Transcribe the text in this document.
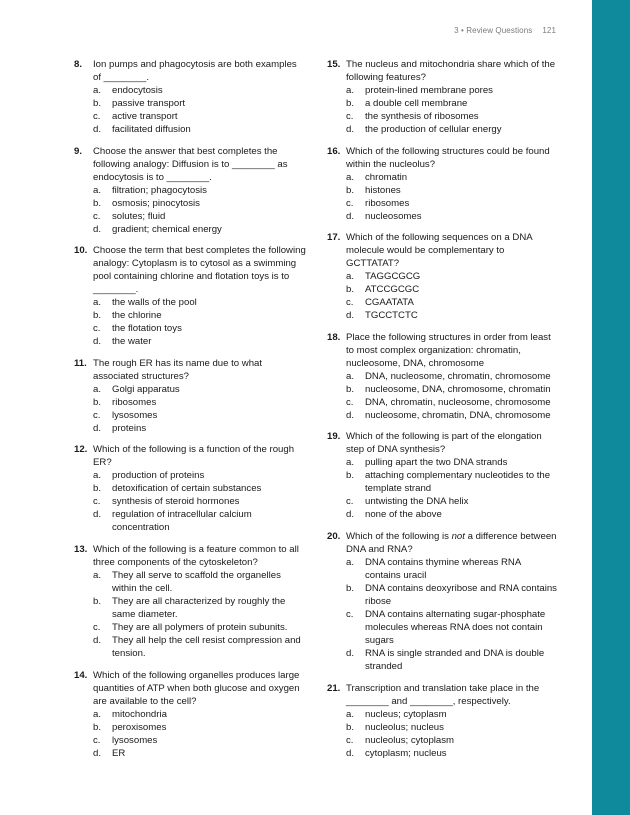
3 • Review Questions 121
8.	Ion pumps and phagocytosis are both examples of ________.
a.	endocytosis
b.	passive transport
c.	active transport
d.	facilitated diffusion
9.	Choose the answer that best completes the following analogy: Diffusion is to ________ as endocytosis is to ________.
a.	filtration; phagocytosis
b.	osmosis; pinocytosis
c.	solutes; fluid
d.	gradient; chemical energy
10. Choose the term that best completes the following analogy: Cytoplasm is to cytosol as a swimming pool containing chlorine and flotation toys is to ________.
a.	the walls of the pool
b.	the chlorine
c.	the flotation toys
d.	the water
11. The rough ER has its name due to what associated structures?
a.	Golgi apparatus
b.	ribosomes
c.	lysosomes
d.	proteins
12. Which of the following is a function of the rough ER?
a.	production of proteins
b.	detoxification of certain substances
c.	synthesis of steroid hormones
d.	regulation of intracellular calcium concentration
13. Which of the following is a feature common to all three components of the cytoskeleton?
a.	They all serve to scaffold the organelles within the cell.
b.	They are all characterized by roughly the same diameter.
c.	They are all polymers of protein subunits.
d.	They all help the cell resist compression and tension.
14. Which of the following organelles produces large quantities of ATP when both glucose and oxygen are available to the cell?
a.	mitochondria
b.	peroxisomes
c.	lysosomes
d.	ER
15. The nucleus and mitochondria share which of the following features?
a.	protein-lined membrane pores
b.	a double cell membrane
c.	the synthesis of ribosomes
d.	the production of cellular energy
16. Which of the following structures could be found within the nucleolus?
a.	chromatin
b.	histones
c.	ribosomes
d.	nucleosomes
17. Which of the following sequences on a DNA molecule would be complementary to GCTTATAT?
a.	TAGGCGCG
b.	ATCCGCGC
c.	CGAATATA
d.	TGCCTCTC
18. Place the following structures in order from least to most complex organization: chromatin, nucleosome, DNA, chromosome
a.	DNA, nucleosome, chromatin, chromosome
b.	nucleosome, DNA, chromosome, chromatin
c.	DNA, chromatin, nucleosome, chromosome
d.	nucleosome, chromatin, DNA, chromosome
19. Which of the following is part of the elongation step of DNA synthesis?
a.	pulling apart the two DNA strands
b.	attaching complementary nucleotides to the template strand
c.	untwisting the DNA helix
d.	none of the above
20. Which of the following is not a difference between DNA and RNA?
a.	DNA contains thymine whereas RNA contains uracil
b.	DNA contains deoxyribose and RNA contains ribose
c.	DNA contains alternating sugar-phosphate molecules whereas RNA does not contain sugars
d.	RNA is single stranded and DNA is double stranded
21. Transcription and translation take place in the ________ and ________, respectively.
a.	nucleus; cytoplasm
b.	nucleolus; nucleus
c.	nucleolus; cytoplasm
d.	cytoplasm; nucleus
